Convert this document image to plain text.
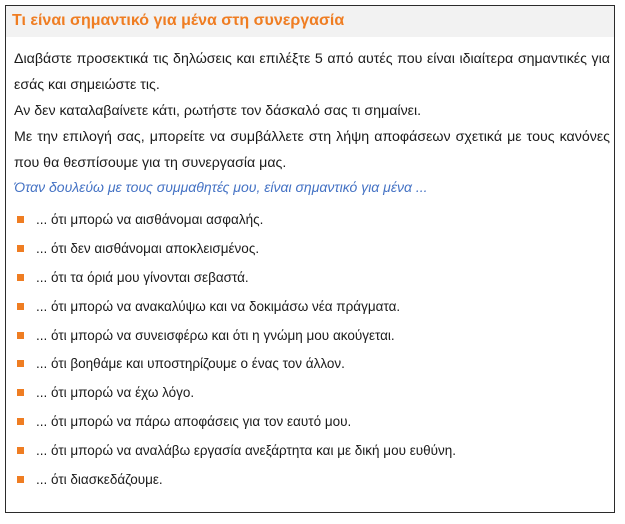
Τι είναι σημαντικό για μένα στη συνεργασία

Διαβάστε προσεκτικά τις δηλώσεις και επιλέξτε 5 από αυτές που είναι ιδιαίτερα σημαντικές για εσάς και σημειώστε τις.

Αν δεν καταλαβαίνετε κάτι, ρωτήστε τον δάσκαλό σας τι σημαίνει.

Με την επιλογή σας, μπορείτε να συμβάλλετε στη λήψη αποφάσεων σχετικά με τους κανόνες που θα θεσπίσουμε για τη συνεργασία μας.

Όταν δουλεύω με τους συμμαθητές μου, είναι σημαντικό για μένα ...
... ότι μπορώ να αισθάνομαι ασφαλής.
... ότι δεν αισθάνομαι αποκλεισμένος.
... ότι τα όριά μου γίνονται σεβαστά.
... ότι μπορώ να ανακαλύψω και να δοκιμάσω νέα πράγματα.
... ότι μπορώ να συνεισφέρω και ότι η γνώμη μου ακούγεται.
... ότι βοηθάμε και υποστηρίζουμε ο ένας τον άλλον.
... ότι μπορώ να έχω λόγο.
... ότι μπορώ να πάρω αποφάσεις για τον εαυτό μου.
... ότι μπορώ να αναλάβω εργασία ανεξάρτητα και με δική μου ευθύνη.
... ότι διασκεδάζουμε.
